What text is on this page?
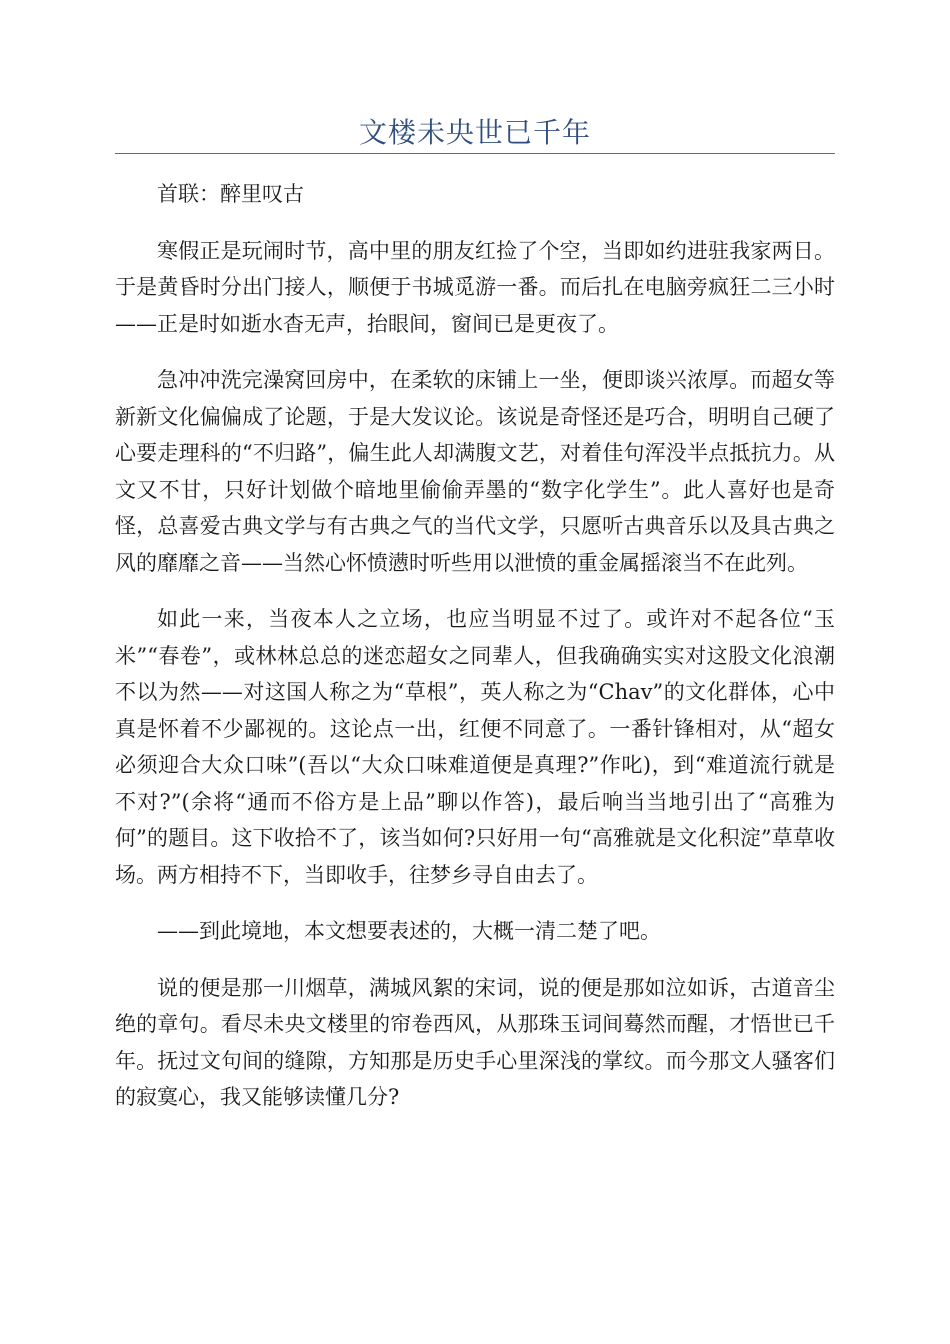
文楼未央世已千年

首联：醉里叹古

寒假正是玩闹时节，高中里的朋友红捡了个空，当即如约进驻我家两日。于是黄昏时分出门接人，顺便于书城觅游一番。而后扎在电脑旁疯狂二三小时——正是时如逝水杳无声，抬眼间，窗间已是更夜了。

急冲冲洗完澡窝回房中，在柔软的床铺上一坐，便即谈兴浓厚。而超女等新新文化偏偏成了论题，于是大发议论。该说是奇怪还是巧合，明明自己硬了心要走理科的“不归路”，偏生此人却满腹文艺，对着佳句浑没半点抵抗力。从文又不甘，只好计划做个暗地里偷偷弄墨的“数字化学生”。此人喜好也是奇怪，总喜爱古典文学与有古典之气的当代文学，只愿听古典音乐以及具古典之风的靡靡之音——当然心怀愤懑时听些用以泄愤的重金属摇滚当不在此列。

如此一来，当夜本人之立场，也应当明显不过了。或许对不起各位“玉米”“春卷”，或林林总总的迷恋超女之同辈人，但我确确实实对这股文化浪潮不以为然——对这国人称之为“草根”，英人称之为“Chav”的文化群体，心中真是怀着不少鄙视的。这论点一出，红便不同意了。一番针锋相对，从“超女必须迎合大众口味”(吾以“大众口味难道便是真理?”作叱)，到“难道流行就是不对?”(余将“通而不俗方是上品”聊以作答)，最后响当当地引出了“高雅为何”的题目。这下收拾不了，该当如何?只好用一句“高雅就是文化积淀”草草收场。两方相持不下，当即收手，往梦乡寻自由去了。

——到此境地，本文想要表述的，大概一清二楚了吧。

说的便是那一川烟草，满城风絮的宋词，说的便是那如泣如诉，古道音尘绝的章句。看尽未央文楼里的帘卷西风，从那珠玉词间蓦然而醒，才悟世已千年。抚过文句间的缝隙，方知那是历史手心里深浅的掌纹。而今那文人骚客们的寂寞心，我又能够读懂几分?
